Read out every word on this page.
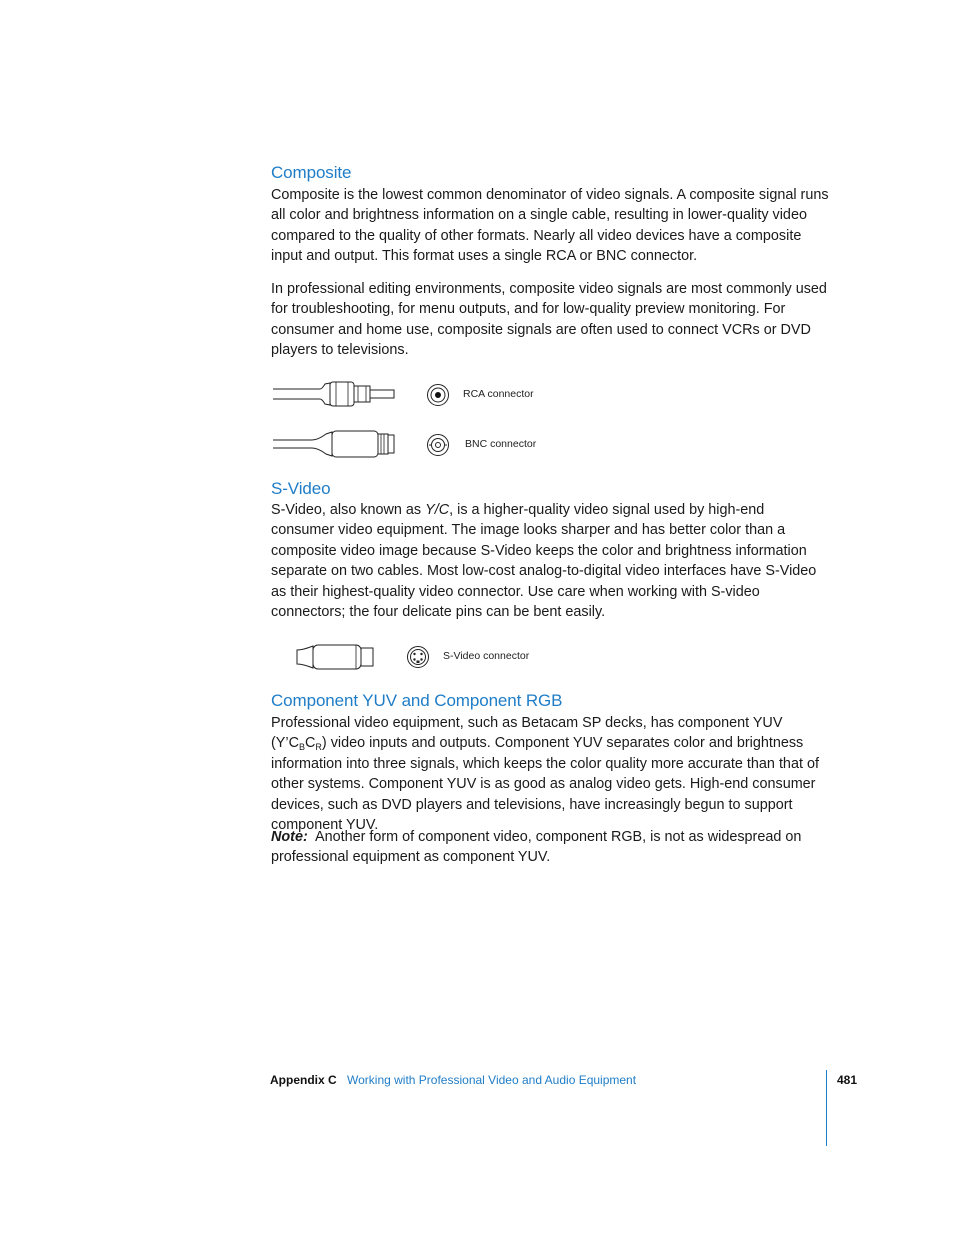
Composite

Composite is the lowest common denominator of video signals. A composite signal runs all color and brightness information on a single cable, resulting in lower-quality video compared to the quality of other formats. Nearly all video devices have a composite input and output. This format uses a single RCA or BNC connector.

In professional editing environments, composite video signals are most commonly used for troubleshooting, for menu outputs, and for low-quality preview monitoring. For consumer and home use, composite signals are often used to connect VCRs or DVD players to televisions.

RCA connector
BNC connector
S-Video

S-Video, also known as Y/C, is a higher-quality video signal used by high-end consumer video equipment. The image looks sharper and has better color than a composite video image because S-Video keeps the color and brightness information separate on two cables. Most low-cost analog-to-digital video interfaces have S-Video as their highest-quality video connector. Use care when working with S-video connectors; the four delicate pins can be bent easily.

S-Video connector
Component YUV and Component RGB

Professional video equipment, such as Betacam SP decks, has component YUV $(Y’C_BC_R)$ video inputs and outputs. Component YUV separates color and brightness information into three signals, which keeps the color quality more accurate than that of other systems. Component YUV is as good as analog video gets. High-end consumer devices, such as DVD players and televisions, have increasingly begun to support component YUV.

Note:  Another form of component video, component RGB, is not as widespread on professional equipment as component YUV.

Appendix C Working with Professional Video and Audio Equipment	481
